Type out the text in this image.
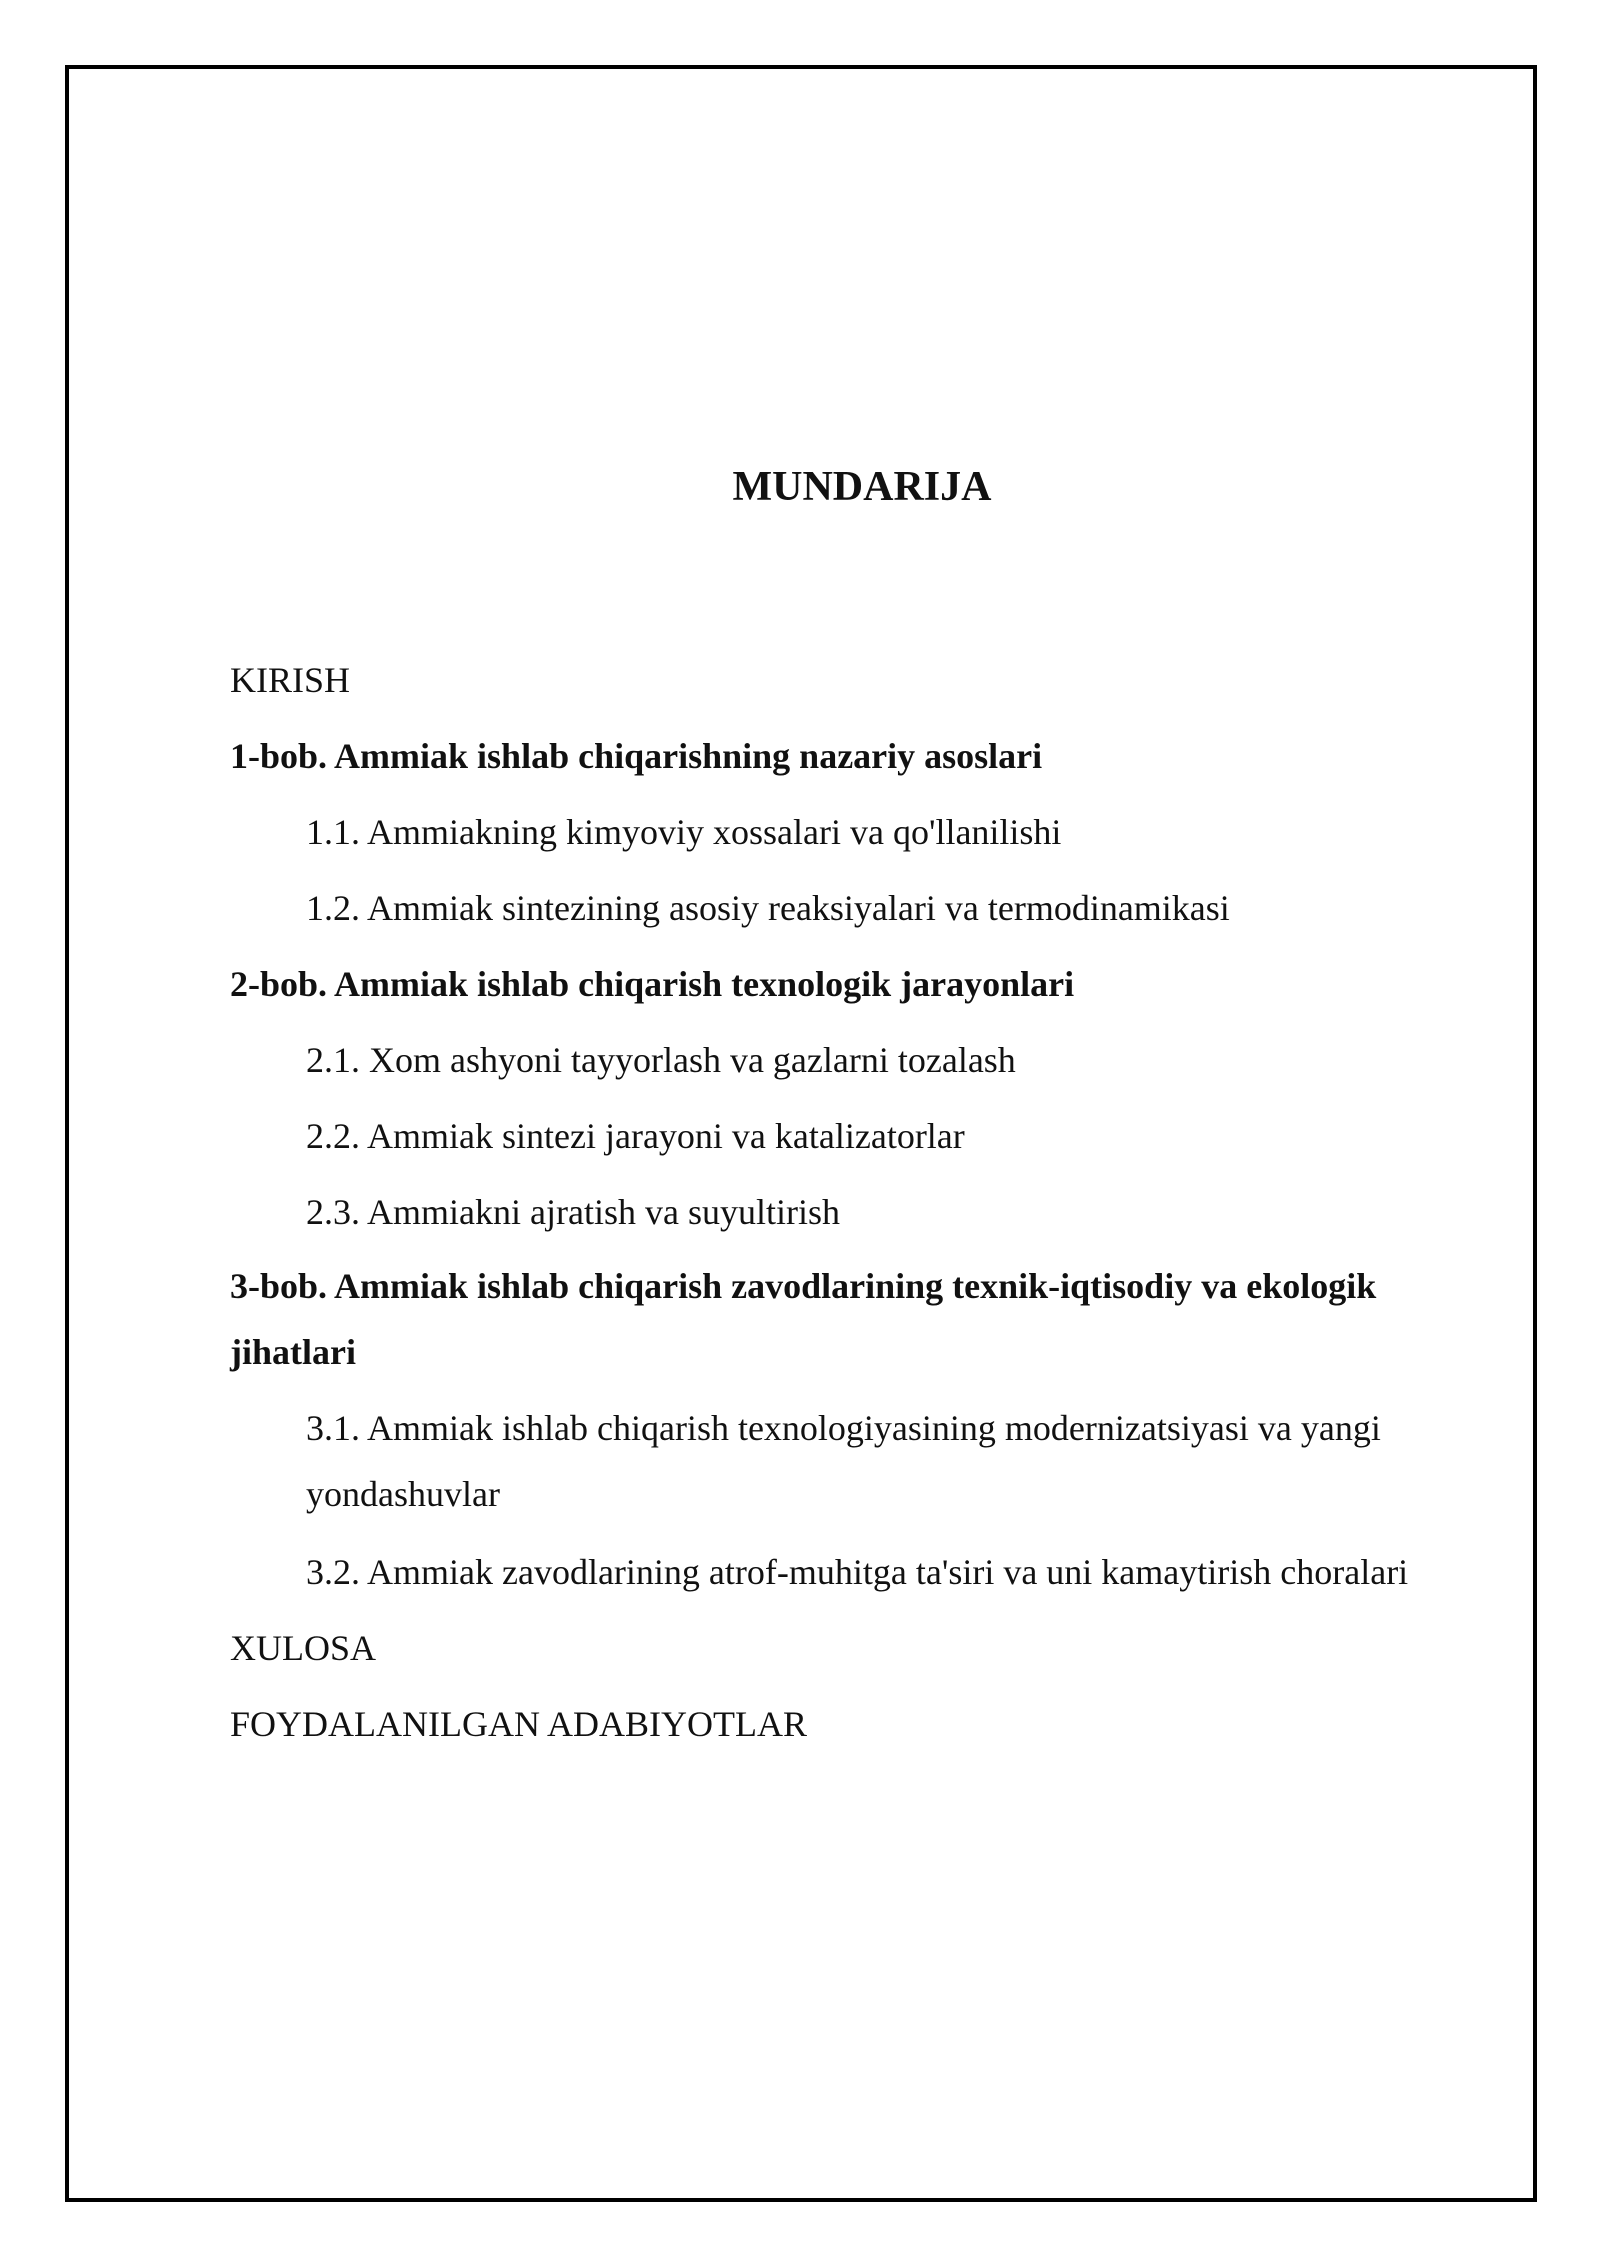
MUNDARIJA

KIRISH

1-bob. Ammiak ishlab chiqarishning nazariy asoslari

1.1. Ammiakning kimyoviy xossalari va qo'llanilishi

1.2. Ammiak sintezining asosiy reaksiyalari va termodinamikasi

2-bob. Ammiak ishlab chiqarish texnologik jarayonlari

2.1. Xom ashyoni tayyorlash va gazlarni tozalash

2.2. Ammiak sintezi jarayoni va katalizatorlar

2.3. Ammiakni ajratish va suyultirish

3-bob. Ammiak ishlab chiqarish zavodlarining texnik-iqtisodiy va ekologik jihatlari

3.1. Ammiak ishlab chiqarish texnologiyasining modernizatsiyasi va yangi yondashuvlar

3.2. Ammiak zavodlarining atrof-muhitga ta'siri va uni kamaytirish choralari

XULOSA

FOYDALANILGAN ADABIYOTLAR
